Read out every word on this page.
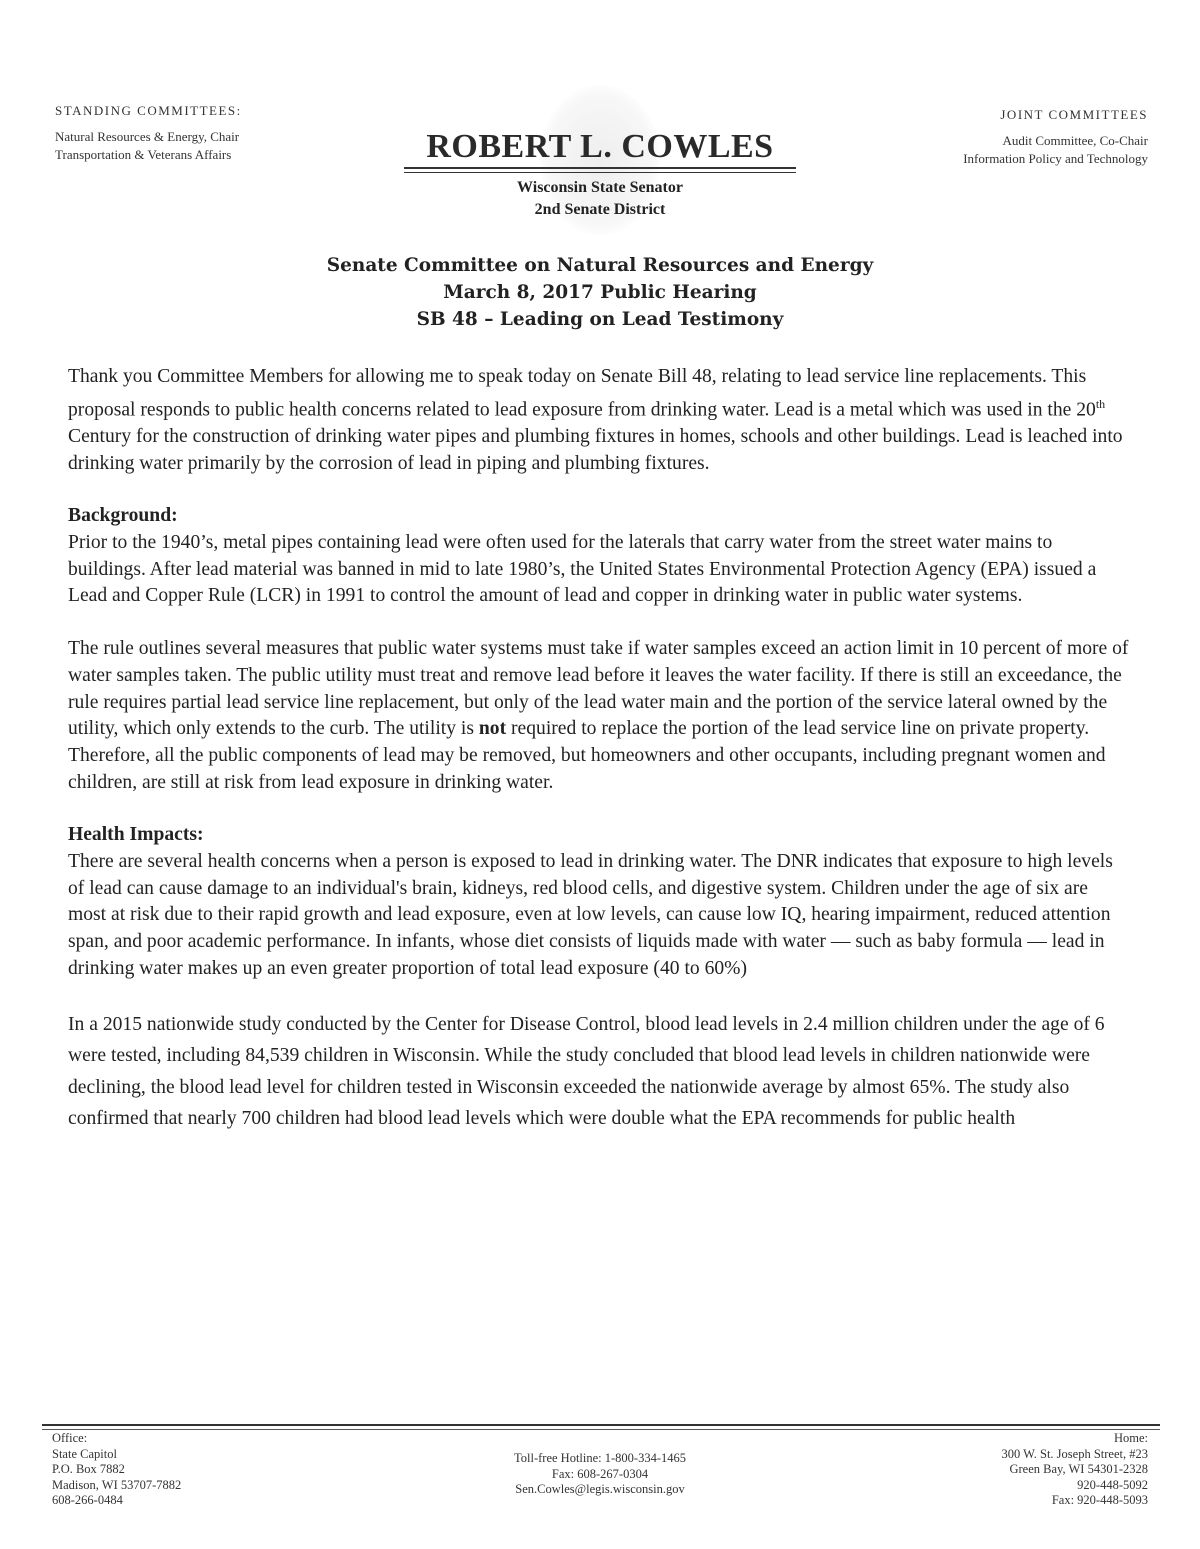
STANDING COMMITTEES:
Natural Resources & Energy, Chair
Transportation & Veterans Affairs	ROBERT L. COWLES
Wisconsin State Senator
2nd Senate District
JOINT COMMITTEES
Audit Committee, Co-Chair
Information Policy and Technology
Senate Committee on Natural Resources and Energy
March 8, 2017 Public Hearing
SB 48 – Leading on Lead Testimony

Thank you Committee Members for allowing me to speak today on Senate Bill 48, relating to lead service line replacements. This proposal responds to public health concerns related to lead exposure from drinking water. Lead is a metal which was used in the 20th Century for the construction of drinking water pipes and plumbing fixtures in homes, schools and other buildings. Lead is leached into drinking water primarily by the corrosion of lead in piping and plumbing fixtures.

Background:

Prior to the 1940’s, metal pipes containing lead were often used for the laterals that carry water from the street water mains to buildings. After lead material was banned in mid to late 1980’s, the United States Environmental Protection Agency (EPA) issued a Lead and Copper Rule (LCR) in 1991 to control the amount of lead and copper in drinking water in public water systems.

The rule outlines several measures that public water systems must take if water samples exceed an action limit in 10 percent of more of water samples taken. The public utility must treat and remove lead before it leaves the water facility. If there is still an exceedance, the rule requires partial lead service line replacement, but only of the lead water main and the portion of the service lateral owned by the utility, which only extends to the curb. The utility is not required to replace the portion of the lead service line on private property. Therefore, all the public components of lead may be removed, but homeowners and other occupants, including pregnant women and children, are still at risk from lead exposure in drinking water.

Health Impacts:

There are several health concerns when a person is exposed to lead in drinking water. The DNR indicates that exposure to high levels of lead can cause damage to an individual's brain, kidneys, red blood cells, and digestive system. Children under the age of six are most at risk due to their rapid growth and lead exposure, even at low levels, can cause low IQ, hearing impairment, reduced attention span, and poor academic performance. In infants, whose diet consists of liquids made with water — such as baby formula — lead in drinking water makes up an even greater proportion of total lead exposure (40 to 60%)

In a 2015 nationwide study conducted by the Center for Disease Control, blood lead levels in 2.4 million children under the age of 6 were tested, including 84,539 children in Wisconsin. While the study concluded that blood lead levels in children nationwide were declining, the blood lead level for children tested in Wisconsin exceeded the nationwide average by almost 65%. The study also confirmed that nearly 700 children had blood lead levels which were double what the EPA recommends for public health

Office:
State Capitol
P.O. Box 7882
Madison, WI 53707-7882
608-266-0484
Toll-free Hotline: 1-800-334-1465
Fax: 608-267-0304
Sen.Cowles@legis.wisconsin.gov
Home:
300 W. St. Joseph Street, #23
Green Bay, WI 54301-2328
920-448-5092
Fax: 920-448-5093
